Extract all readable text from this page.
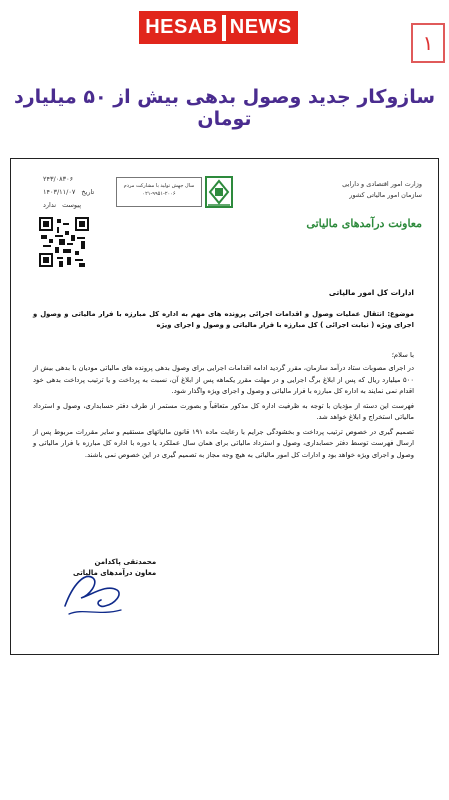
HESAB NEWS
۱
سازوکار جدید وصول بدهی بیش از ۵۰ میلیارد تومان
۲۴۳/۰۸۳۰۶
تاریخ
۱۴۰۳/۱۱/۰۷
پیوست
ندارد
سال جهش تولید با مشارکت مردم
۰۲۱-۹۹۵۱-۲۰۰۶
وزارت امور اقتصادی و دارایی
سازمان امور مالیاتی کشور
معاونت درآمدهای مالیاتی

ادارات کل امور مالیاتی

موضوع: انتقال عملیات وصول و اقدامات اجرائی پرونده های مهم به اداره کل مبارزه با فرار مالیاتی و وصول و اجرای ویژه ( نیابت اجرائی ) کل مبارزه با فرار مالیاتی و وصول و اجرای ویژه

با سلام؛

در اجرای مصوبات ستاد درآمد سازمان، مقرر گردید ادامه اقدامات اجرایی برای وصول بدهی پرونده های مالیاتی مودیان با بدهی بیش از ۵۰۰ میلیارد ریال که پس از ابلاغ برگ اجرایی و در مهلت مقرر یکماهه پس از ابلاغ آن، نسبت به پرداخت و یا ترتیب پرداخت بدهی خود اقدام نمی نمایند به اداره کل مبارزه با فرار مالیاتی و وصول و اجرای ویژه واگذار شود.

فهرست این دسته از مؤدیان با توجه به ظرفیت اداره کل مذکور متعاقباً و بصورت مستمر از طرف دفتر حسابداری، وصول و استرداد مالیاتی استخراج و ابلاغ خواهد شد.

تصمیم گیری در خصوص ترتیب پرداخت و بخشودگی جرایم با رعایت ماده ۱۹۱ قانون مالیاتهای مستقیم و سایر مقررات مربوط پس از ارسال فهرست توسط دفتر حسابداری، وصول و استرداد مالیاتی برای همان سال عملکرد یا دوره با اداره کل مبارزه با فرار مالیاتی و وصول و اجرای ویژه خواهد بود و ادارات کل امور مالیاتی به هیچ وجه مجاز به تصمیم گیری در این خصوص نمی باشند.

محمدتقی پاکدامن
معاون درآمدهای مالیاتی
